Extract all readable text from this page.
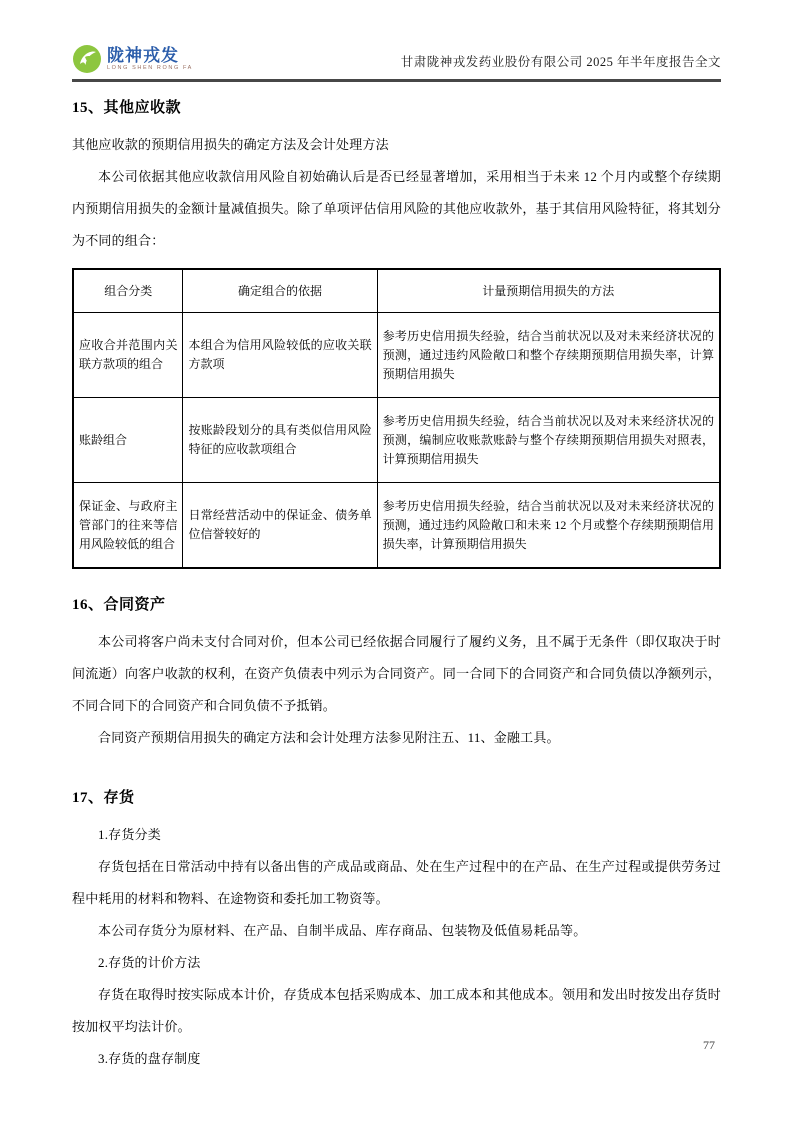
陇神戎发
LONG SHEN RONG FA	甘肃陇神戎发药业股份有限公司 2025 年半年度报告全文
15、其他应收款

其他应收款的预期信用损失的确定方法及会计处理方法

本公司依据其他应收款信用风险自初始确认后是否已经显著增加，采用相当于未来 12 个月内或整个存续期内预期信用损失的金额计量减值损失。除了单项评估信用风险的其他应收款外，基于其信用风险特征，将其划分为不同的组合：

组合分类	确定组合的依据	计量预期信用损失的方法
应收合并范围内关联方款项的组合	本组合为信用风险较低的应收关联方款项	参考历史信用损失经验，结合当前状况以及对未来经济状况的预测，通过违约风险敞口和整个存续期预期信用损失率，计算预期信用损失
账龄组合	按账龄段划分的具有类似信用风险特征的应收款项组合	参考历史信用损失经验，结合当前状况以及对未来经济状况的预测，编制应收账款账龄与整个存续期预期信用损失对照表，计算预期信用损失
保证金、与政府主管部门的往来等信用风险较低的组合	日常经营活动中的保证金、债务单位信誉较好的	参考历史信用损失经验，结合当前状况以及对未来经济状况的预测，通过违约风险敞口和未来 12 个月或整个存续期预期信用损失率，计算预期信用损失
16、合同资产

本公司将客户尚未支付合同对价，但本公司已经依据合同履行了履约义务，且不属于无条件（即仅取决于时间流逝）向客户收款的权利，在资产负债表中列示为合同资产。同一合同下的合同资产和合同负债以净额列示，不同合同下的合同资产和合同负债不予抵销。

合同资产预期信用损失的确定方法和会计处理方法参见附注五、11、金融工具。

17、存货

1.存货分类

存货包括在日常活动中持有以备出售的产成品或商品、处在生产过程中的在产品、在生产过程或提供劳务过程中耗用的材料和物料、在途物资和委托加工物资等。

本公司存货分为原材料、在产品、自制半成品、库存商品、包装物及低值易耗品等。

2.存货的计价方法

存货在取得时按实际成本计价，存货成本包括采购成本、加工成本和其他成本。领用和发出时按发出存货时按加权平均法计价。

3.存货的盘存制度

77
